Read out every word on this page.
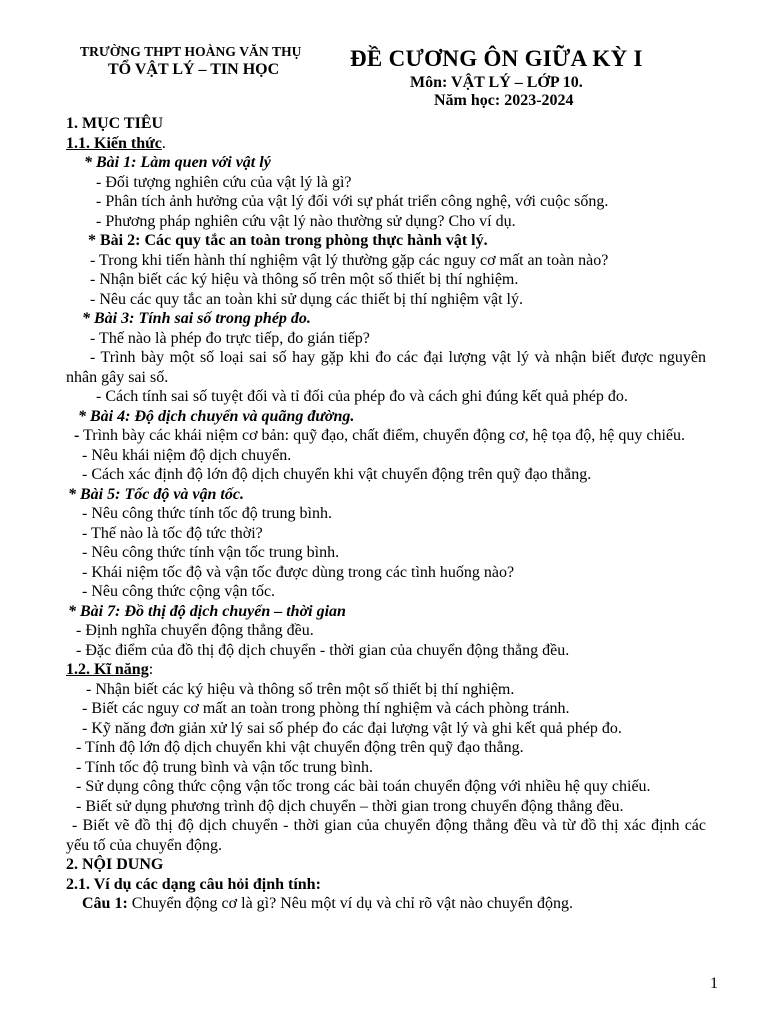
TRƯỜNG THPT HOÀNG VĂN THỤ
TỔ VẬT LÝ – TIN HỌC	ĐỀ CƯƠNG ÔN GIỮA KỲ I
Môn: VẬT LÝ – LỚP 10.
Năm học: 2023-2024
1. MỤC TIÊU
1.1. Kiến thức.
* Bài 1: Làm quen với vật lý
- Đối tượng nghiên cứu của vật lý là gì?
- Phân tích ảnh hưởng của vật lý đối với sự phát triển công nghệ, với cuộc sống.
- Phương pháp nghiên cứu vật lý nào thường sử dụng? Cho ví dụ.
* Bài 2: Các quy tắc an toàn trong phòng thực hành vật lý.
- Trong khi tiến hành thí nghiệm vật lý thường gặp các nguy cơ mất an toàn nào?
- Nhận biết các ký hiệu và thông số trên một số thiết bị thí nghiệm.
- Nêu các quy tắc an toàn khi sử dụng các thiết bị thí nghiệm vật lý.
* Bài 3: Tính sai số trong phép đo.
- Thế nào là phép đo trực tiếp, đo gián tiếp?
- Trình bày một số loại sai số hay gặp khi đo các đại lượng vật lý và nhận biết được nguyên nhân gây sai số.
- Cách tính sai số tuyệt đối và tỉ đối của phép đo và cách ghi đúng kết quả phép đo.
* Bài 4: Độ dịch chuyển và quãng đường.
- Trình bày các khái niệm cơ bản: quỹ đạo, chất điểm, chuyển động cơ, hệ tọa độ, hệ quy chiếu.
- Nêu khái niệm độ dịch chuyển.
- Cách xác định độ lớn độ dịch chuyển khi vật chuyển động trên quỹ đạo thẳng.
* Bài 5: Tốc độ và vận tốc.
- Nêu công thức tính tốc độ trung bình.
- Thế nào là tốc độ tức thời?
- Nêu công thức tính vận tốc trung bình.
- Khái niệm tốc độ và vận tốc được dùng trong các tình huống nào?
- Nêu công thức cộng vận tốc.
* Bài 7: Đồ thị độ dịch chuyển – thời gian
- Định nghĩa chuyển động thẳng đều.
- Đặc điểm của đồ thị độ dịch chuyển - thời gian của chuyển động thẳng đều.
1.2. Kĩ năng:
- Nhận biết các ký hiệu và thông số trên một số thiết bị thí nghiệm.
- Biết các nguy cơ mất an toàn trong phòng thí nghiệm và cách phòng tránh.
- Kỹ năng đơn giản xử lý sai số phép đo các đại lượng vật lý và ghi kết quả phép đo.
- Tính độ lớn độ dịch chuyển khi vật chuyển động trên quỹ đạo thẳng.
- Tính tốc độ trung bình và vận tốc trung bình.
- Sử dụng công thức cộng vận tốc trong các bài toán chuyển động với nhiều hệ quy chiếu.
- Biết sử dụng phương trình độ dịch chuyển – thời gian trong chuyển động thẳng đều.
- Biết vẽ đồ thị độ dịch chuyển - thời gian của chuyển động thẳng đều và từ đồ thị xác định các yếu tố của chuyển động.
2. NỘI DUNG
2.1. Ví dụ các dạng câu hỏi định tính:
Câu 1: Chuyển động cơ là gì? Nêu một ví dụ và chỉ rõ vật nào chuyển động.
1
